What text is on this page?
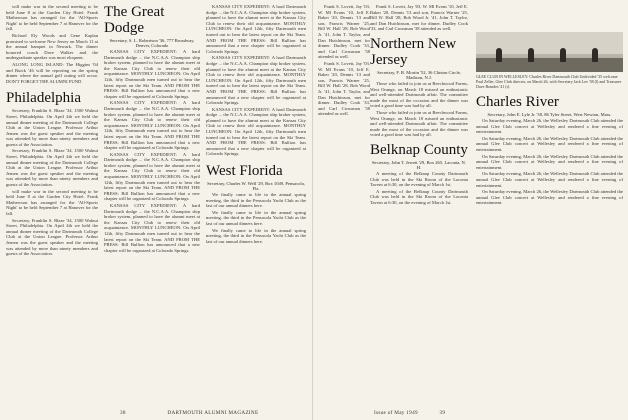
will make war in the second meeting to be held June 8 at the Garden City Hotel. Frank Mathewson has arranged for the 'All-Sports Night' to be held September 7 at Hanover for the fall.

Richard Ely Woods and Gene Kaplan promised to welcome New Jersey on March 11 at the annual banquet in Newark. The dinner honored coach Dave Walker and the undergraduate speaker was most eloquent.

ALONG LONG ISLAND: The Higgins '04 and Buick '46 will be reporting on the spring dinner where the annual golf outing will occur. DON'T FORGET THE ALUMNI FUND

Philadelphia

Secretary, Franklin S. Blaze '34, 1500 Walnut Street, Philadelphia. On April 4th we held the annual dinner meeting of the Dartmouth College Club at the Union League. Professor Arthur Jensen was the guest speaker and the meeting was attended by more than ninety members and guests of the Association.

Secretary, Franklin S. Blaze '34, 1500 Walnut Street, Philadelphia. On April 4th we held the annual dinner meeting of the Dartmouth College Club at the Union League. Professor Arthur Jensen was the guest speaker and the meeting was attended by more than ninety members and guests of the Association.

will make war in the second meeting to be held June 8 at the Garden City Hotel. Frank Mathewson has arranged for the 'All-Sports Night' to be held September 7 at Hanover for the fall.

Secretary, Franklin S. Blaze '34, 1500 Walnut Street, Philadelphia. On April 4th we held the annual dinner meeting of the Dartmouth College Club at the Union League. Professor Arthur Jensen was the guest speaker and the meeting was attended by more than ninety members and guests of the Association.

The Great Dodge
Secretary, S. L. Robertson '36, 777 Broadway, Denver, Colorado

KANSAS CITY EXPEDIENT: A hard Dartmouth dodge ... the N.C.A.A. Champion ship broker system, planned to have the alumni meet at the Kansas City Club to renew their old acquaintance. MONTHLY LUNCHEON: On April 12th, fifty Dartmouth men turned out to hear the latest report on the Ski Team. AND FROM THE PRESS: Bill Bullion has announced that a new chapter will be organized at Colorado Springs.

KANSAS CITY EXPEDIENT: A hard Dartmouth dodge ... the N.C.A.A. Champion ship broker system, planned to have the alumni meet at the Kansas City Club to renew their old acquaintance. MONTHLY LUNCHEON: On April 12th, fifty Dartmouth men turned out to hear the latest report on the Ski Team. AND FROM THE PRESS: Bill Bullion has announced that a new chapter will be organized at Colorado Springs.

KANSAS CITY EXPEDIENT: A hard Dartmouth dodge ... the N.C.A.A. Champion ship broker system, planned to have the alumni meet at the Kansas City Club to renew their old acquaintance. MONTHLY LUNCHEON: On April 12th, fifty Dartmouth men turned out to hear the latest report on the Ski Team. AND FROM THE PRESS: Bill Bullion has announced that a new chapter will be organized at Colorado Springs.

KANSAS CITY EXPEDIENT: A hard Dartmouth dodge ... the N.C.A.A. Champion ship broker system, planned to have the alumni meet at the Kansas City Club to renew their old acquaintance. MONTHLY LUNCHEON: On April 12th, fifty Dartmouth men turned out to hear the latest report on the Ski Team. AND FROM THE PRESS: Bill Bullion has announced that a new chapter will be organized at Colorado Springs.

KANSAS CITY EXPEDIENT: A hard Dartmouth dodge ... the N.C.A.A. Champion ship broker system, planned to have the alumni meet at the Kansas City Club to renew their old acquaintance. MONTHLY LUNCHEON: On April 12th, fifty Dartmouth men turned out to hear the latest report on the Ski Team. AND FROM THE PRESS: Bill Bullion has announced that a new chapter will be organized at Colorado Springs.

KANSAS CITY EXPEDIENT: A hard Dartmouth dodge ... the N.C.A.A. Champion ship broker system, planned to have the alumni meet at the Kansas City Club to renew their old acquaintance. MONTHLY LUNCHEON: On April 12th, fifty Dartmouth men turned out to hear the latest report on the Ski Team. AND FROM THE PRESS: Bill Bullion has announced that a new chapter will be organized at Colorado Springs.

KANSAS CITY EXPEDIENT: A hard Dartmouth dodge ... the N.C.A.A. Champion ship broker system, planned to have the alumni meet at the Kansas City Club to renew their old acquaintance. MONTHLY LUNCHEON: On April 12th, fifty Dartmouth men turned out to hear the latest report on the Ski Team. AND FROM THE PRESS: Bill Bullion has announced that a new chapter will be organized at Colorado Springs.

West Florida
Secretary, Charles W. Well '29, Box 1049, Pensacola, Fla.

We finally came to life in the annual spring meeting, the third in the Pensacola Yacht Club as the last of our annual dinners here.

We finally came to life in the annual spring meeting, the third in the Pensacola Yacht Club as the last of our annual dinners here.

We finally came to life in the annual spring meeting, the third in the Pensacola Yacht Club as the last of our annual dinners here.

38	DARTMOUTH ALUMNI MAGAZINE

Frank S. Lovett, Jay '03, W. Ml Evans '10, Jeff E. Baker '20, Dennis '13 and son, Francis Warner '25, Bill W. Hall '28, Bob Wood Jr. '41, John T. Taylor, and Dan Hutchinson, met for dinner. Dudley Cook '33, and Carl Crossman '38 attended as well.

Frank S. Lovett, Jay '03, W. Ml Evans '10, Jeff E. Baker '20, Dennis '13 and son, Francis Warner '25, Bill W. Hall '28, Bob Wood Jr. '41, John T. Taylor, and Dan Hutchinson, met for dinner. Dudley Cook '33, and Carl Crossman '38 attended as well.

Frank S. Lovett, Jay '03, W. Ml Evans '10, Jeff E. Baker '20, Dennis '13 and son, Francis Warner '25, Bill W. Hall '28, Bob Wood Jr. '41, John T. Taylor, and Dan Hutchinson, met for dinner. Dudley Cook '33, and Carl Crossman '38 attended as well.

Northern New Jersey
Secretary, F. B. Mortin '52, 36 Clinton Circle, Madison, N.J.

Those who failed to join us at Beechwood Farms, West Orange, on March 18 missed an enthusiastic and well-attended Dartmouth affair. The committee made the most of the occasion and the dinner was voted a good time was had by all.

Those who failed to join us at Beechwood Farms, West Orange, on March 18 missed an enthusiastic and well-attended Dartmouth affair. The committee made the most of the occasion and the dinner was voted a good time was had by all.

Belknap County
Secretary, John T. Jewett '29, Box 265, Laconia, N. H.

A meeting of the Belknap County Dartmouth Club was held in the Ski Room of the Laconia Tavern at 6:30, on the evening of March 1st.

A meeting of the Belknap County Dartmouth Club was held in the Ski Room of the Laconia Tavern at 6:30, on the evening of March 1st.

Issue of May 1949	39
GLEE CLUB IN WELLESLEY: Charles River Dartmouth Club Undivided '35 welcome Paul Zeller, Glee Club director, on March 26, with Secretary Jack Lee '38 (l) and Treasurer Dave Brandes '41 (r).
Charles River
Secretary, John E. Lyle Jr. '38, 86 Tyler Street, West Newton, Mass.

On Saturday evening, March 26, the Wellesley Dartmouth Club attended the annual Glee Club concert at Wellesley and rendered a fine evening of entertainment.

On Saturday evening, March 26, the Wellesley Dartmouth Club attended the annual Glee Club concert at Wellesley and rendered a fine evening of entertainment.

On Saturday evening, March 26, the Wellesley Dartmouth Club attended the annual Glee Club concert at Wellesley and rendered a fine evening of entertainment.

On Saturday evening, March 26, the Wellesley Dartmouth Club attended the annual Glee Club concert at Wellesley and rendered a fine evening of entertainment.

On Saturday evening, March 26, the Wellesley Dartmouth Club attended the annual Glee Club concert at Wellesley and rendered a fine evening of entertainment.
